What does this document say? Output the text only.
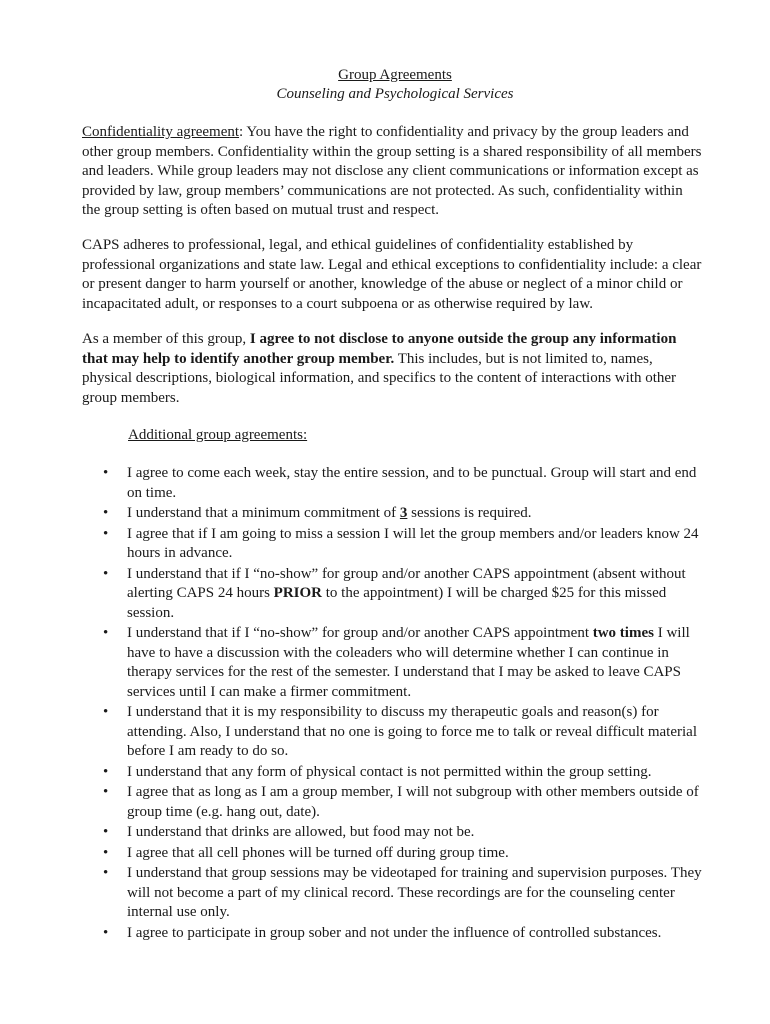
Group Agreements

Counseling and Psychological Services

Confidentiality agreement: You have the right to confidentiality and privacy by the group leaders and other group members. Confidentiality within the group setting is a shared responsibility of all members and leaders. While group leaders may not disclose any client communications or information except as provided by law, group members’ communications are not protected. As such, confidentiality within the group setting is often based on mutual trust and respect.

CAPS adheres to professional, legal, and ethical guidelines of confidentiality established by professional organizations and state law. Legal and ethical exceptions to confidentiality include: a clear or present danger to harm yourself or another, knowledge of the abuse or neglect of a minor child or incapacitated adult, or responses to a court subpoena or as otherwise required by law.

As a member of this group, I agree to not disclose to anyone outside the group any information that may help to identify another group member. This includes, but is not limited to, names, physical descriptions, biological information, and specifics to the content of interactions with other group members.

Additional group agreements:

• I agree to come each week, stay the entire session, and to be punctual. Group will start and end on time.
• I understand that a minimum commitment of 3 sessions is required.
• I agree that if I am going to miss a session I will let the group members and/or leaders know 24 hours in advance.
• I understand that if I “no-show” for group and/or another CAPS appointment (absent without alerting CAPS 24 hours PRIOR to the appointment) I will be charged $25 for this missed session.
• I understand that if I “no-show” for group and/or another CAPS appointment two times I will have to have a discussion with the coleaders who will determine whether I can continue in therapy services for the rest of the semester. I understand that I may be asked to leave CAPS services until I can make a firmer commitment.
• I understand that it is my responsibility to discuss my therapeutic goals and reason(s) for attending. Also, I understand that no one is going to force me to talk or reveal difficult material before I am ready to do so.
• I understand that any form of physical contact is not permitted within the group setting.
• I agree that as long as I am a group member, I will not subgroup with other members outside of group time (e.g. hang out, date).
• I understand that drinks are allowed, but food may not be.
• I agree that all cell phones will be turned off during group time.
• I understand that group sessions may be videotaped for training and supervision purposes. They will not become a part of my clinical record. These recordings are for the counseling center internal use only.
• I agree to participate in group sober and not under the influence of controlled substances.
